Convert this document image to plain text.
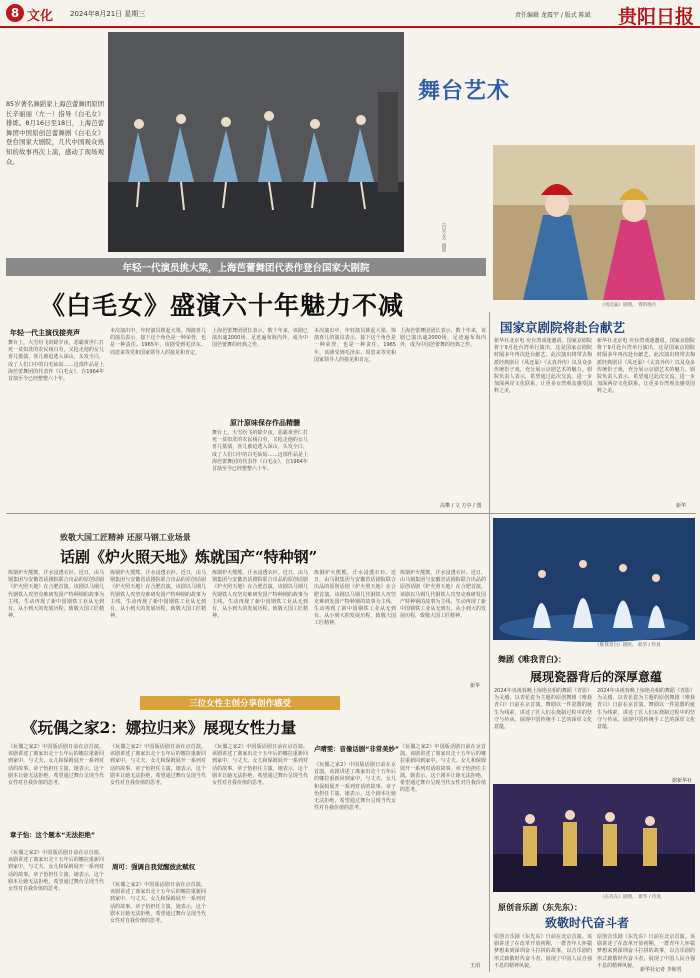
8 文化 2024年8月21日 星期三	责任编辑 龙震宇 / 版式 陈斌 贵阳日报
85岁著名舞蹈家上海芭蕾舞团原团长辛丽丽（左一）指导《白毛女》排练。8月16日至18日，上海芭蕾舞团中国原创芭蕾舞剧《白毛女》登台国家大剧院，几代中国观众熟知的故事再次上演，感动了现场观众。
舞台艺术
《凤还巢》剧照。 资料图片
《白毛女》剧照
年轻一代演员挑大梁，上海芭蕾舞团代表作登台国家大剧院
《白毛女》盛演六十年魅力不减
年轻一代主演伐接亮声
舞台上，大雪纷飞的除夕夜，恶霸黄世仁打死一贫如洗的农民杨白劳，又抢走他的女儿喜儿抵债，喜儿被迫逃入深山，头发全白，成了人们口中的白毛仙姑……这部作品是上海芭蕾舞团的代表作《白毛女》，自1964年首演至今已经整整六十年。
本次演出中，年轻演员挑起大梁。饰演喜儿的演员表示，接下这个角色是一种荣誉，也是一种责任。1965年，该剧受到毛泽东、周恩来等党和国家领导人的接见和肯定。
原汁原味保存作品精髓
上海芭蕾舞团团长表示，数十年来，该剧已演出逾2000场，足迹遍布海内外，成为中国芭蕾舞的经典之作。
舞台上，大雪纷飞的除夕夜，恶霸黄世仁打死一贫如洗的农民杨白劳，又抢走他的女儿喜儿抵债，喜儿被迫逃入深山，头发全白，成了人们口中的白毛仙姑……这部作品是上海芭蕾舞团的代表作《白毛女》，自1964年首演至今已经整整六十年。
本次演出中，年轻演员挑起大梁。饰演喜儿的演员表示，接下这个角色是一种荣誉，也是一种责任。1965年，该剧受到毛泽东、周恩来等党和国家领导人的接见和肯定。
上海芭蕾舞团团长表示，数十年来，该剧已演出逾2000场，足迹遍布海内外，成为中国芭蕾舞的经典之作。
高攀 / 文 方亭 / 图
国家京剧院将赴台献艺
新华社北京电 应台湾戏迷邀请，国家京剧院将于9月赴台湾举行演出，这是国家京剧院时隔多年再次赴台献艺。此次演出将带去梅派经典剧目《凤还巢》《太真外传》以及众多传统折子戏，充分展示京剧艺术的魅力。剧院负责人表示，希望通过此次交流，进一步加深两岸文化联系，让更多台湾观众感受国粹之美。
新华社北京电 应台湾戏迷邀请，国家京剧院将于9月赴台湾举行演出，这是国家京剧院时隔多年再次赴台献艺。此次演出将带去梅派经典剧目《凤还巢》《太真外传》以及众多传统折子戏，充分展示京剧艺术的魅力。剧院负责人表示，希望通过此次交流，进一步加深两岸文化联系，让更多台湾观众感受国粹之美。
新华
致敬大国工匠精神 还原马钢工业场景
话剧《炉火照天地》炼就国产“特种钢”
炼钢炉火熊熊，汗水浸透衣衫。近日，由马钢集团与安徽省话剧院联合出品的原创话剧《炉火照天地》在合肥首演。该剧以马钢几代钢铁人攻坚克难研发国产特种钢的故事为主线，生动再现了新中国钢铁工业从无到有、从小到大的发展历程，致敬大国工匠精神。
炼钢炉火熊熊，汗水浸透衣衫。近日，由马钢集团与安徽省话剧院联合出品的原创话剧《炉火照天地》在合肥首演。该剧以马钢几代钢铁人攻坚克难研发国产特种钢的故事为主线，生动再现了新中国钢铁工业从无到有、从小到大的发展历程，致敬大国工匠精神。
炼钢炉火熊熊，汗水浸透衣衫。近日，由马钢集团与安徽省话剧院联合出品的原创话剧《炉火照天地》在合肥首演。该剧以马钢几代钢铁人攻坚克难研发国产特种钢的故事为主线，生动再现了新中国钢铁工业从无到有、从小到大的发展历程，致敬大国工匠精神。
炼钢炉火熊熊，汗水浸透衣衫。近日，由马钢集团与安徽省话剧院联合出品的原创话剧《炉火照天地》在合肥首演。该剧以马钢几代钢铁人攻坚克难研发国产特种钢的故事为主线，生动再现了新中国钢铁工业从无到有、从小到大的发展历程，致敬大国工匠精神。
炼钢炉火熊熊，汗水浸透衣衫。近日，由马钢集团与安徽省话剧院联合出品的原创话剧《炉火照天地》在合肥首演。该剧以马钢几代钢铁人攻坚克难研发国产特种钢的故事为主线，生动再现了新中国钢铁工业从无到有、从小到大的发展历程，致敬大国工匠精神。
新华
《唯我青白》剧照。 新华 / 传真
舞剧《唯我青白》：
展现瓷器背后的深厚意蕴
2024年央视春晚上惊艳亮相的舞蹈《青影》为灵感，以青花瓷为主题的原创舞剧《唯我青白》日前在京首演。舞剧以一件瓷器的诞生为线索，讲述了匠人们在烧制过程中的坚守与传承，展现中国传统手工艺的深厚文化意蕴。
2024年央视春晚上惊艳亮相的舞蹈《青影》为灵感，以青花瓷为主题的原创舞剧《唯我青白》日前在京首演。舞剧以一件瓷器的诞生为线索，讲述了匠人们在烧制过程中的坚守与传承，展现中国传统手工艺的深厚文化意蕴。
据新华社
三位女性主创分享创作感受
《玩偶之家2：娜拉归来》展现女性力量
《玩偶之家2》中国版话剧日前在京首演。该剧讲述了离家出走十五年后的娜拉重新回到家中，与丈夫、女儿和保姆展开一系列对话的故事。章子怡担任主演，她表示，这个剧本让她无法拒绝，希望通过舞台呈现当代女性对自我价值的思考。
章子怡：这个题本“无法拒绝”
《玩偶之家2》中国版话剧日前在京首演。该剧讲述了离家出走十五年后的娜拉重新回到家中，与丈夫、女儿和保姆展开一系列对话的故事。章子怡担任主演，她表示，这个剧本让她无法拒绝，希望通过舞台呈现当代女性对自我价值的思考。
《玩偶之家2》中国版话剧日前在京首演。该剧讲述了离家出走十五年后的娜拉重新回到家中，与丈夫、女儿和保姆展开一系列对话的故事。章子怡担任主演，她表示，这个剧本让她无法拒绝，希望通过舞台呈现当代女性对自我价值的思考。
周可：强调自我觉醒彼此赋权
《玩偶之家2》中国版话剧日前在京首演。该剧讲述了离家出走十五年后的娜拉重新回到家中，与丈夫、女儿和保姆展开一系列对话的故事。章子怡担任主演，她表示，这个剧本让她无法拒绝，希望通过舞台呈现当代女性对自我价值的思考。
《玩偶之家2》中国版话剧日前在京首演。该剧讲述了离家出走十五年后的娜拉重新回到家中，与丈夫、女儿和保姆展开一系列对话的故事。章子怡担任主演，她表示，这个剧本让她无法拒绝，希望通过舞台呈现当代女性对自我价值的思考。
卢晴雯：音像话剧“非常美妙”
《玩偶之家2》中国版话剧日前在京首演。该剧讲述了离家出走十五年后的娜拉重新回到家中，与丈夫、女儿和保姆展开一系列对话的故事。章子怡担任主演，她表示，这个剧本让她无法拒绝，希望通过舞台呈现当代女性对自我价值的思考。
《玩偶之家2》中国版话剧日前在京首演。该剧讲述了离家出走十五年后的娜拉重新回到家中，与丈夫、女儿和保姆展开一系列对话的故事。章子怡担任主演，她表示，这个剧本让她无法拒绝，希望通过舞台呈现当代女性对自我价值的思考。
王涓
《东先东》剧照。 新华 / 传真
原创音乐剧（东先东）：
致敬时代奋斗者
原创音乐剧《东先东》日前在北京首演。该剧讲述了在改革开放初期，一群青年人怀揣梦想来到深圳奋斗打拼的故事，以音乐剧的形式致敬时代奋斗者，展现了中国人民自强不息的精神风貌。
原创音乐剧《东先东》日前在北京首演。该剧讲述了在改革开放初期，一群青年人怀揣梦想来到深圳奋斗打拼的故事，以音乐剧的形式致敬时代奋斗者，展现了中国人民自强不息的精神风貌。
新华社记者 李和男
